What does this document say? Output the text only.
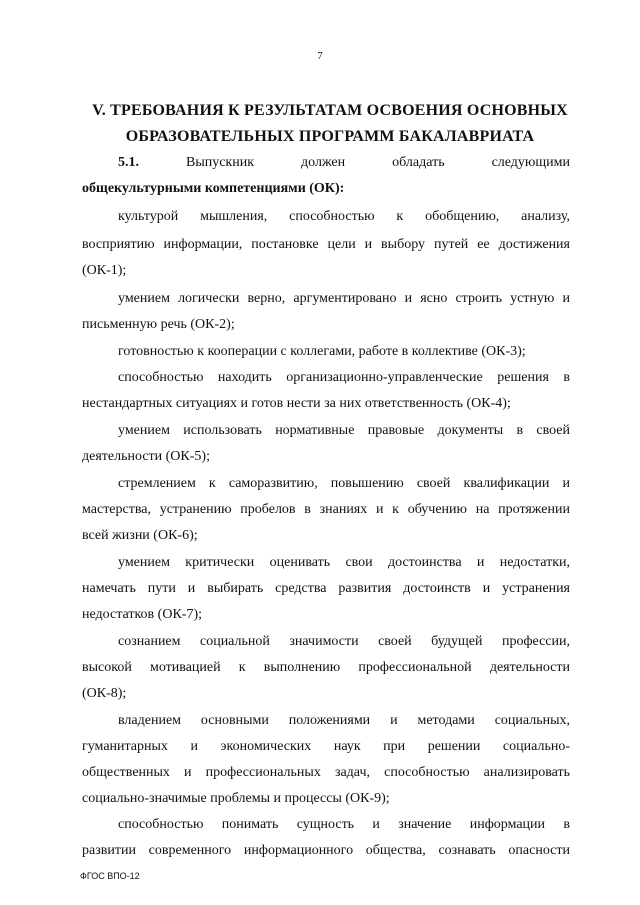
7
V. ТРЕБОВАНИЯ К РЕЗУЛЬТАТАМ ОСВОЕНИЯ ОСНОВНЫХ
ОБРАЗОВАТЕЛЬНЫХ ПРОГРАММ БАКАЛАВРИАТА
5.1.	Выпускник	должен	обладать	следующими
общекультурными компетенциями (ОК):
культурой мышления, способностью к обобщению, анализу,
восприятию информации, постановке цели и выбору путей ее достижения
(ОК-1);
умением логически верно, аргументировано и ясно строить устную и
письменную речь (ОК-2);
готовностью к кооперации с коллегами, работе в коллективе (ОК-3);
способностью находить организационно-управленческие решения в
нестандартных ситуациях и готов нести за них ответственность (ОК-4);
умением использовать нормативные правовые документы в своей
деятельности (ОК-5);
стремлением к саморазвитию, повышению своей квалификации и
мастерства, устранению пробелов в знаниях и к обучению на протяжении
всей жизни (ОК-6);
умением критически оценивать свои достоинства и недостатки,
намечать пути и выбирать средства развития достоинств и устранения
недостатков (ОК-7);
сознанием социальной значимости своей будущей профессии,
высокой мотивацией к выполнению профессиональной деятельности
(ОК-8);
владением основными положениями и методами социальных,
гуманитарных и экономических наук при решении социально-
общественных и профессиональных задач, способностью анализировать
социально-значимые проблемы и процессы (ОК-9);
способностью понимать сущность и значение информации в
развитии современного информационного общества, сознавать опасности
ФГОС ВПО-12
